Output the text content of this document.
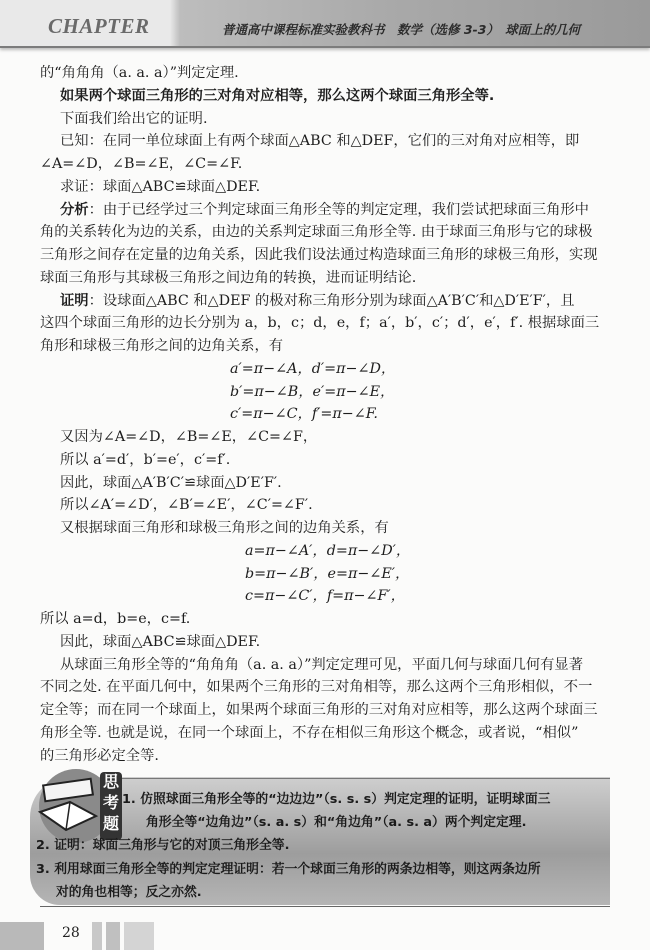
CHAPTER	普通高中课程标准实验教科书　数学（选修 3-3）　球面上的几何
的“角角角（a. a. a）”判定定理.
如果两个球面三角形的三对角对应相等，那么这两个球面三角形全等.
下面我们给出它的证明.
已知：在同一单位球面上有两个球面△ABC 和△DEF，它们的三对角对应相等，即
∠A=∠D，∠B=∠E，∠C=∠F.
求证：球面△ABC≌球面△DEF.
分析：由于已经学过三个判定球面三角形全等的判定定理，我们尝试把球面三角形中
角的关系转化为边的关系，由边的关系判定球面三角形全等. 由于球面三角形与它的球极
三角形之间存在定量的边角关系，因此我们设法通过构造球面三角形的球极三角形，实现
球面三角形与其球极三角形之间边角的转换，进而证明结论.
证明：设球面△ABC 和△DEF 的极对称三角形分别为球面△A′B′C′和△D′E′F′，且
这四个球面三角形的边长分别为 a，b，c；d，e，f；a′，b′，c′；d′，e′，f′. 根据球面三
角形和球极三角形之间的边角关系，有
a′=π−∠A，d′=π−∠D，
b′=π−∠B，e′=π−∠E，
c′=π−∠C，f′=π−∠F.
又因为∠A=∠D，∠B=∠E，∠C=∠F，
所以 a′=d′，b′=e′，c′=f′.
因此，球面△A′B′C′≌球面△D′E′F′.
所以∠A′=∠D′，∠B′=∠E′，∠C′=∠F′.
又根据球面三角形和球极三角形之间的边角关系，有
a=π−∠A′，d=π−∠D′，
b=π−∠B′，e=π−∠E′，
c=π−∠C′，f=π−∠F′，
所以 a=d，b=e，c=f.
因此，球面△ABC≌球面△DEF.
从球面三角形全等的“角角角（a. a. a）”判定定理可见，平面几何与球面几何有显著
不同之处. 在平面几何中，如果两个三角形的三对角相等，那么这两个三角形相似，不一
定全等；而在同一个球面上，如果两个球面三角形的三对角对应相等，那么这两个球面三
角形全等. 也就是说，在同一个球面上，不存在相似三角形这个概念，或者说，“相似”
的三角形必定全等.
思考题
1. 仿照球面三角形全等的“边边边”（s. s. s）判定定理的证明，证明球面三
角形全等“边角边”（s. a. s）和“角边角”（a. s. a）两个判定定理.
2. 证明：球面三角形与它的对顶三角形全等.
3. 利用球面三角形全等的判定定理证明：若一个球面三角形的两条边相等，则这两条边所
对的角也相等；反之亦然.
28
